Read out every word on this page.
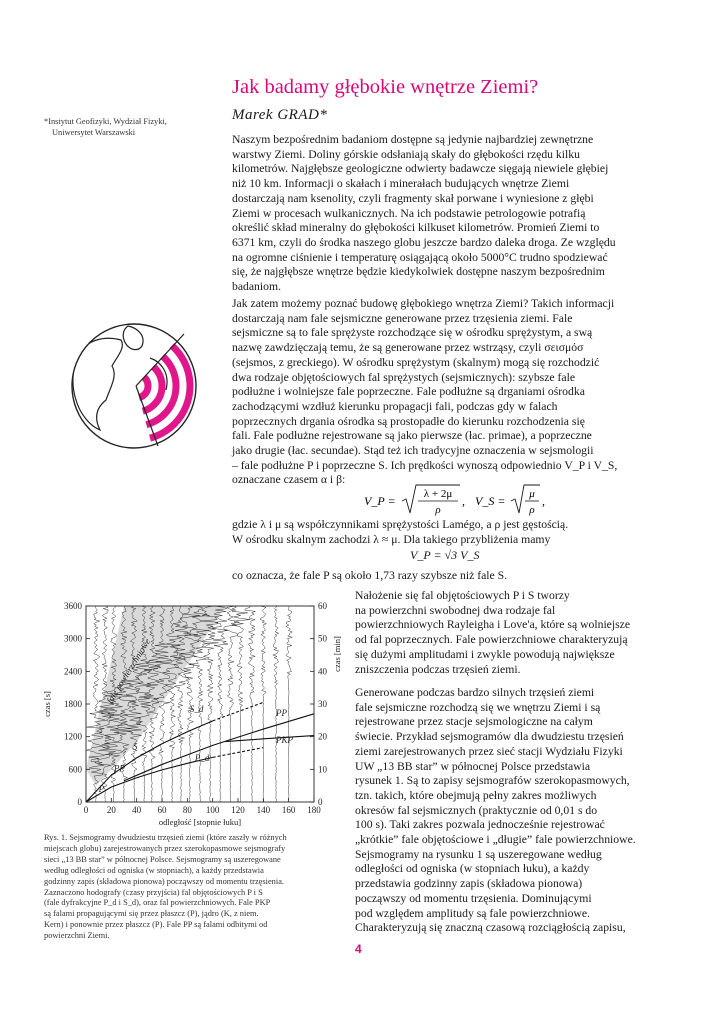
Jak badamy głębokie wnętrze Ziemi?
Marek GRAD*
*Instytut Geofizyki, Wydział Fizyki,
Uniwersytet Warszawski
Naszym bezpośrednim badaniom dostępne są jedynie najbardziej zewnętrzne
warstwy Ziemi. Doliny górskie odsłaniają skały do głębokości rzędu kilku
kilometrów. Najgłębsze geologiczne odwierty badawcze sięgają niewiele głębiej
niż 10 km. Informacji o skałach i minerałach budujących wnętrze Ziemi
dostarczają nam ksenolity, czyli fragmenty skał porwane i wyniesione z głębi
Ziemi w procesach wulkanicznych. Na ich podstawie petrologowie potrafią
określić skład mineralny do głębokości kilkuset kilometrów. Promień Ziemi to
6371 km, czyli do środka naszego globu jeszcze bardzo daleka droga. Ze względu
na ogromne ciśnienie i temperaturę osiągającą około 5000°C trudno spodziewać
się, że najgłębsze wnętrze będzie kiedykolwiek dostępne naszym bezpośrednim
badaniom.
Jak zatem możemy poznać budowę głębokiego wnętrza Ziemi? Takich informacji
dostarczają nam fale sejsmiczne generowane przez trzęsienia ziemi. Fale
sejsmiczne są to fale sprężyste rozchodzące się w ośrodku sprężystym, a swą
nazwę zawdzięczają temu, że są generowane przez wstrząsy, czyli σεισμόσ
(sejsmos, z greckiego). W ośrodku sprężystym (skalnym) mogą się rozchodzić
dwa rodzaje objętościowych fal sprężystych (sejsmicznych): szybsze fale
podłużne i wolniejsze fale poprzeczne. Fale podłużne są drganiami ośrodka
zachodzącymi wzdłuż kierunku propagacji fali, podczas gdy w falach
poprzecznych drgania ośrodka są prostopadłe do kierunku rozchodzenia się
fali. Fale podłużne rejestrowane są jako pierwsze (łac. primae), a poprzeczne
jako drugie (łac. secundae). Stąd też ich tradycyjne oznaczenia w sejsmologii
– fale podłużne P i poprzeczne S. Ich prędkości wynoszą odpowiednio V_P i V_S,
oznaczane czasem α i β:
V_P =	λ + 2μ
ρ
, V_S = μ
ρ
,
gdzie λ i μ są współczynnikami sprężystości Lamégo, a ρ jest gęstością.
W ośrodku skalnym zachodzi λ ≈ μ. Dla takiego przybliżenia mamy
V_P = √3 V_S
co oznacza, że fale P są około 1,73 razy szybsze niż fale S.
P
PP
S
P_d
S_d	PP
PKP
0 20 40 60 80 100 120 140 160 180
0
600
1200
1800
2400
3000
3600
0
10
20
30
40
50
60
odległość [stopnie łuku]
czas [s]
czas [min]
fale powierzchniowe
Nałożenie się fal objętościowych P i S tworzy
na powierzchni swobodnej dwa rodzaje fal
powierzchniowych Rayleigha i Love'a, które są wolniejsze
od fal poprzecznych. Fale powierzchniowe charakteryzują
się dużymi amplitudami i zwykle powodują największe
zniszczenia podczas trzęsień ziemi.
Generowane podczas bardzo silnych trzęsień ziemi
fale sejsmiczne rozchodzą się we wnętrzu Ziemi i są
rejestrowane przez stacje sejsmologiczne na całym
świecie. Przykład sejsmogramów dla dwudziestu trzęsień
ziemi zarejestrowanych przez sieć stacji Wydziału Fizyki
UW „13 BB star” w północnej Polsce przedstawia
rysunek 1. Są to zapisy sejsmografów szerokopasmowych,
tzn. takich, które obejmują pełny zakres możliwych
okresów fal sejsmicznych (praktycznie od 0,01 s do
100 s). Taki zakres pozwala jednocześnie rejestrować
„krótkie” fale objętościowe i „długie” fale powierzchniowe.
Sejsmogramy na rysunku 1 są uszeregowane według
odległości od ogniska (w stopniach łuku), a każdy
przedstawia godzinny zapis (składowa pionowa)
począwszy od momentu trzęsienia. Dominującymi
pod względem amplitudy są fale powierzchniowe.
Charakteryzują się znaczną czasową rozciągłością zapisu,
Rys. 1. Sejsmogramy dwudziestu trzęsień ziemi (które zaszły w różnych
miejscach globu) zarejestrowanych przez szerokopasmowe sejsmografy
sieci „13 BB star” w północnej Polsce. Sejsmogramy są uszeregowane
według odległości od ogniska (w stopniach), a każdy przedstawia
godzinny zapis (składowa pionowa) począwszy od momentu trzęsienia.
Zaznaczono hodografy (czasy przyjścia) fal objętościowych P i S
(fale dyfrakcyjne P_d i S_d), oraz fal powierzchniowych. Fale PKP
są falami propagującymi się przez płaszcz (P), jądro (K, z niem.
Kern) i ponownie przez płaszcz (P). Fale PP są falami odbitymi od
powierzchni Ziemi.
4
